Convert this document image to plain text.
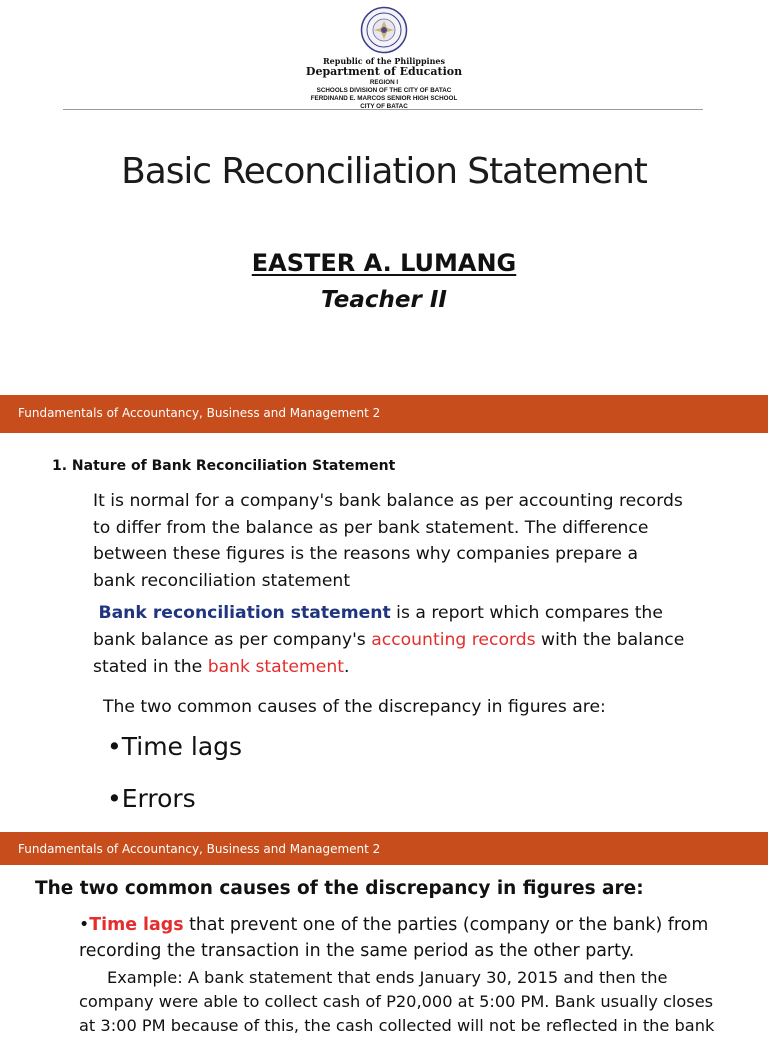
Republic of the Philippines
Department of Education
REGION I
SCHOOLS DIVISION OF THE CITY OF BATAC
FERDINAND E. MARCOS SENIOR HIGH SCHOOL
CITY OF BATAC
Basic Reconciliation Statement
EASTER A. LUMANG
Teacher II
Fundamentals of Accountancy, Business and Management 2
1. Nature of Bank Reconciliation Statement
It is normal for a company's bank balance as per accounting records
to differ from the balance as per bank statement. The difference
between these figures is the reasons why companies prepare a
bank reconciliation statement
Bank reconciliation statement is a report which compares the
bank balance as per company's accounting records with the balance
stated in the bank statement.
The two common causes of the discrepancy in figures are:
•Time lags
•Errors
Fundamentals of Accountancy, Business and Management 2
The two common causes of the discrepancy in figures are:
•Time lags that prevent one of the parties (company or the bank) from
recording the transaction in the same period as the other party.
Example: A bank statement that ends January 30, 2015 and then the
company were able to collect cash of P20,000 at 5:00 PM. Bank usually closes
at 3:00 PM because of this, the cash collected will not be reflected in the bank
